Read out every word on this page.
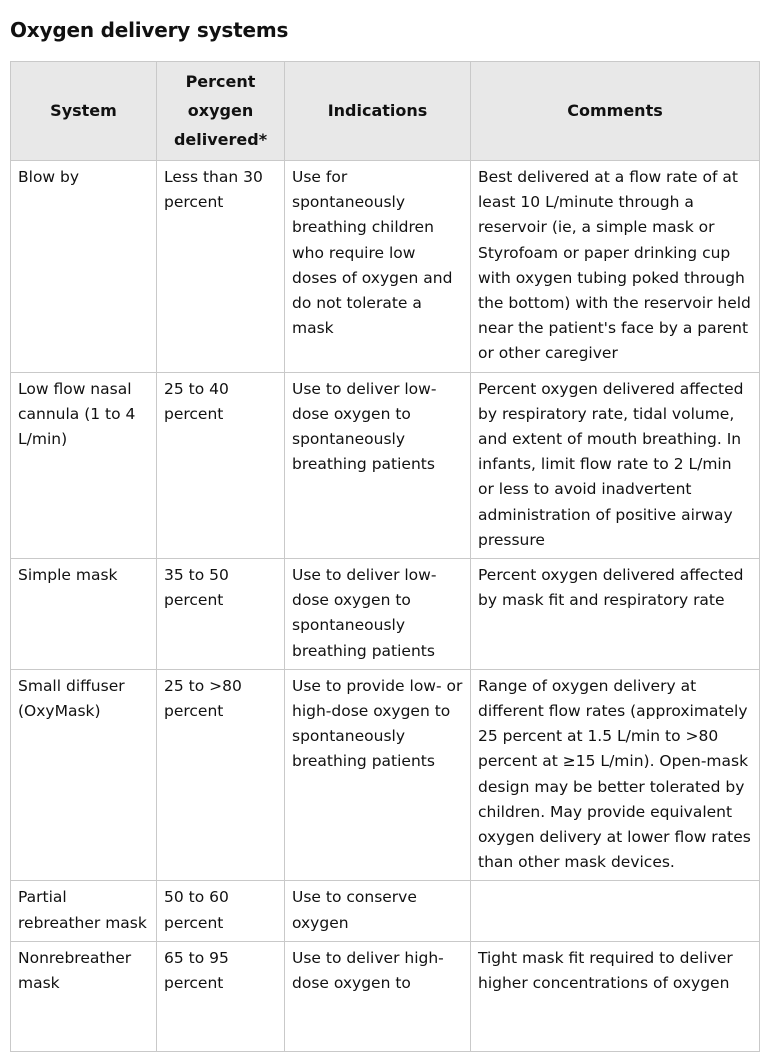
Oxygen delivery systems
System	Percent oxygen delivered*	Indications	Comments
Blow by	Less than 30 percent	Use for spontaneously breathing children who require low doses of oxygen and do not tolerate a mask	Best delivered at a flow rate of at least 10 L/minute through a reservoir (ie, a simple mask or Styrofoam or paper drinking cup with oxygen tubing poked through the bottom) with the reservoir held near the patient's face by a parent or other caregiver
Low flow nasal cannula (1 to 4 L/min)	25 to 40 percent	Use to deliver low-dose oxygen to spontaneously breathing patients	Percent oxygen delivered affected by respiratory rate, tidal volume, and extent of mouth breathing. In infants, limit flow rate to 2 L/min or less to avoid inadvertent administration of positive airway pressure
Simple mask	35 to 50 percent	Use to deliver low-dose oxygen to spontaneously breathing patients	Percent oxygen delivered affected by mask fit and respiratory rate
Small diffuser (OxyMask)	25 to >80 percent	Use to provide low- or high-dose oxygen to spontaneously breathing patients	Range of oxygen delivery at different flow rates (approximately 25 percent at 1.5 L/min to >80 percent at ≥15 L/min). Open-mask design may be better tolerated by children. May provide equivalent oxygen delivery at lower flow rates than other mask devices.
Partial rebreather mask	50 to 60 percent	Use to conserve oxygen	
Nonrebreather mask	65 to 95 percent	Use to deliver high-dose oxygen to	Tight mask fit required to deliver higher concentrations of oxygen
